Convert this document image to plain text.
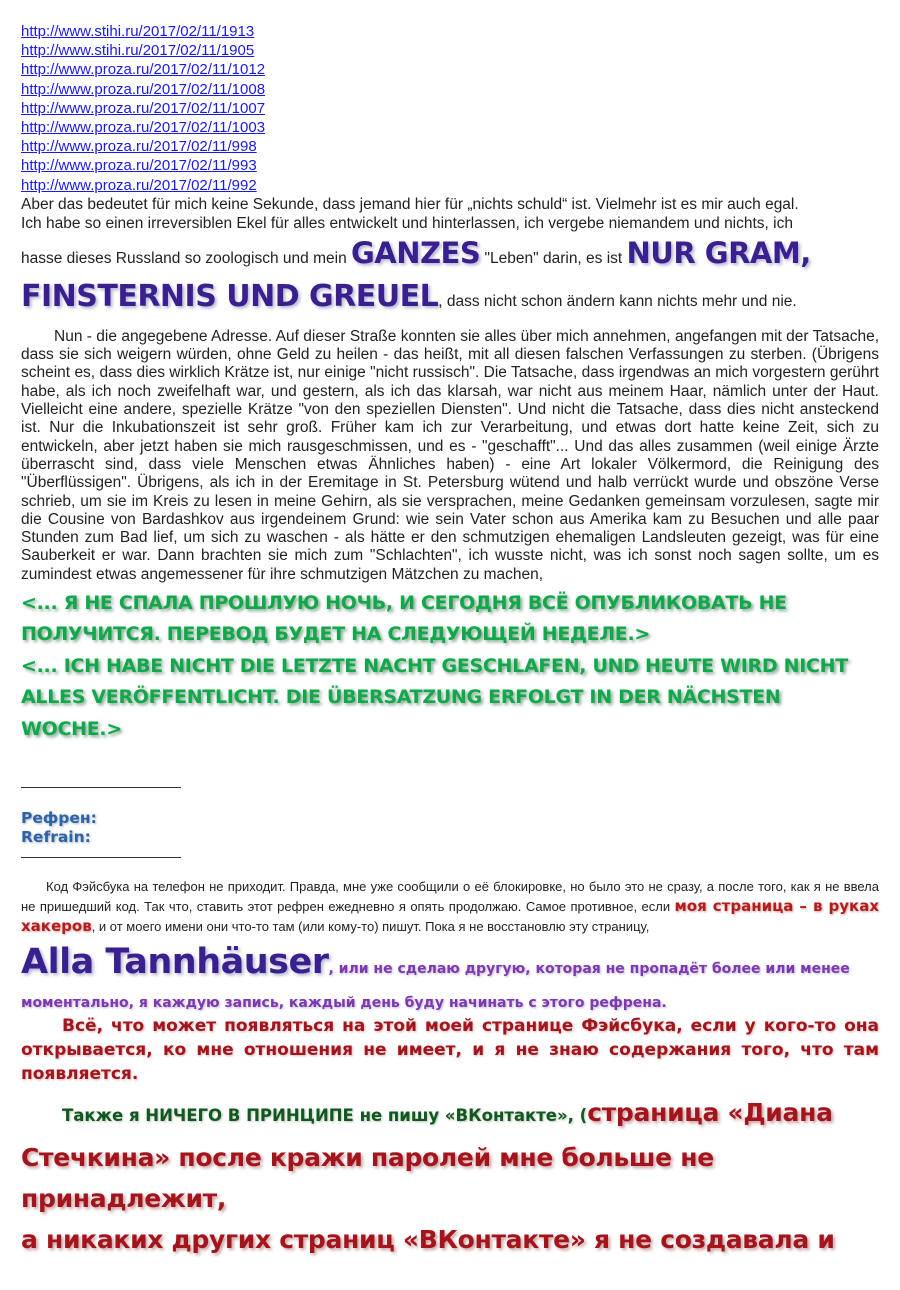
http://www.stihi.ru/2017/02/11/1913
http://www.stihi.ru/2017/02/11/1905
http://www.proza.ru/2017/02/11/1012
http://www.proza.ru/2017/02/11/1008
http://www.proza.ru/2017/02/11/1007
http://www.proza.ru/2017/02/11/1003
http://www.proza.ru/2017/02/11/998
http://www.proza.ru/2017/02/11/993
http://www.proza.ru/2017/02/11/992
Aber das bedeutet für mich keine Sekunde, dass jemand hier für „nichts schuld“ ist. Vielmehr ist es mir auch egal.
Ich habe so einen irreversiblen Ekel für alles entwickelt und hinterlassen, ich vergebe niemandem und nichts, ich
hasse dieses Russland so zoologisch und mein GANZES "Leben" darin, es ist NUR GRAM,
FINSTERNIS UND GREUEL, dass nicht schon ändern kann nichts mehr und nie.

Nun - die angegebene Adresse. Auf dieser Straße konnten sie alles über mich annehmen, angefangen mit der Tatsache, dass sie sich weigern würden, ohne Geld zu heilen - das heißt, mit all diesen falschen Verfassungen zu sterben. (Übrigens scheint es, dass dies wirklich Krätze ist, nur einige "nicht russisch". Die Tatsache, dass irgendwas an mich vorgestern gerührt habe, als ich noch zweifelhaft war, und gestern, als ich das klarsah, war nicht aus meinem Haar, nämlich unter der Haut. Vielleicht eine andere, spezielle Krätze "von den speziellen Diensten". Und nicht die Tatsache, dass dies nicht ansteckend ist. Nur die Inkubationszeit ist sehr groß. Früher kam ich zur Verarbeitung, und etwas dort hatte keine Zeit, sich zu entwickeln, aber jetzt haben sie mich rausgeschmissen, und es - "geschafft"... Und das alles zusammen (weil einige Ärzte überrascht sind, dass viele Menschen etwas Ähnliches haben) - eine Art lokaler Völkermord, die Reinigung des "Überflüssigen". Übrigens, als ich in der Eremitage in St. Petersburg wütend und halb verrückt wurde und obszöne Verse schrieb, um sie im Kreis zu lesen in meine Gehirn, als sie versprachen, meine Gedanken gemeinsam vorzulesen, sagte mir die Cousine von Bardashkov aus irgendeinem Grund: wie sein Vater schon aus Amerika kam zu Besuchen und alle paar Stunden zum Bad lief, um sich zu waschen - als hätte er den schmutzigen ehemaligen Landsleuten gezeigt, was für eine Sauberkeit er war. Dann brachten sie mich zum "Schlachten", ich wusste nicht, was ich sonst noch sagen sollte, um es zumindest etwas angemessener für ihre schmutzigen Mätzchen zu machen,

<... Я НЕ СПАЛА ПРОШЛУЮ НОЧЬ, И СЕГОДНЯ ВСЁ ОПУБЛИКОВАТЬ НЕ ПОЛУЧИТСЯ. ПЕРЕВОД БУДЕТ НА СЛЕДУЮЩЕЙ НЕДЕЛЕ.>

<... ICH HABE NICHT DIE LETZTE NACHT GESCHLAFEN, UND HEUTE WIRD NICHT ALLES VERÖFFENTLICHT. DIE ÜBERSATZUNG ERFOLGT IN DER NÄCHSTEN WOCHE.>

Рефрен:
Refrain:

Код Фэйсбука на телефон не приходит. Правда, мне уже сообщили о её блокировке, но было это не сразу, а после того, как я не ввела не пришедший код. Так что, ставить этот рефрен ежедневно я опять продолжаю. Самое противное, если моя страница – в руках хакеров, и от моего имени они что-то там (или кому-то) пишут. Пока я не восстановлю эту страницу,

Alla Tannhäuser, или не сделаю другую, которая не пропадёт более или менее
моментально, я каждую запись, каждый день буду начинать с этого рефрена.

Всё, что может появляться на этой моей странице Фэйсбука, если у кого-то она открывается, ко мне отношения не имеет, и я не знаю содержания того, что там появляется.

Также я НИЧЕГО В ПРИНЦИПЕ не пишу «ВКонтакте», (страница «Диана
Стечкина» после кражи паролей мне больше не принадлежит,
а никаких других страниц «ВКонтакте» я не создавала и
